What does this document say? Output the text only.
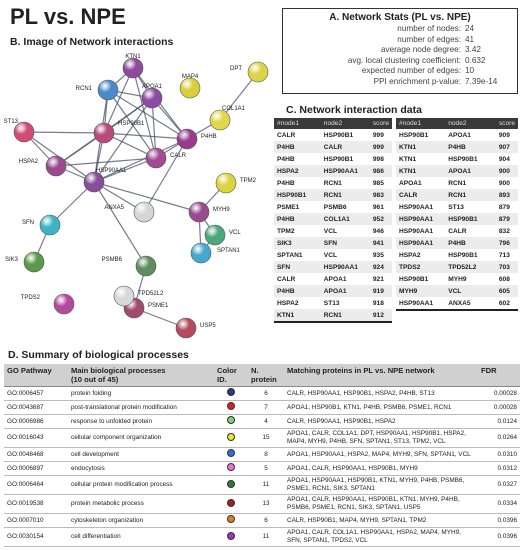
PL vs. NPE	A. Network Stats (PL vs. NPE)
number of nodes: 24
number of edges: 41
average node degree: 3.42
avg. local clustering coefficient: 0.632
expected number of edges: 10
PPI enrichment p-value: 7.39e-14
B. Image of Network interactions
KTN1
RCN1	APOA1
MAP4
DPT
COL1A1
P4HB
ST13	HSP90B1
CALR
HSPA2
HSP90AA1
TPM2
ANXA5	MYH9
VCL
SFN
SPTAN1
PSMB6
SIK3
PSME1
TPDS2
TPD52L2
USP5
C. Network interaction data
#node1	node2	score
CALR	HSP90B1	999
P4HB	CALR	999
P4HB	HSP90B1	998
HSPA2	HSP90AA1	986
P4HB	RCN1	985
HSP90B1	RCN1	983
PSME1	PSMB6	961
P4HB	COL1A1	952
TPM2	VCL	946
SIK3	SFN	941
SPTAN1	VCL	935
SFN	HSP90AA1	924
CALR	APOA1	921
P4HB	APOA1	919
HSPA2	ST13	918
KTN1	RCN1	912
#node1	node2	score
HSP90B1	APOA1	909
KTN1	P4HB	907
KTN1	HSP90B1	904
KTN1	APOA1	900
APOA1	RCN1	900
CALR	RCN1	893
HSP90AA1	ST13	879
HSP90AA1	HSP90B1	879
HSP90AA1	CALR	832
HSP90AA1	P4HB	796
HSPA2	HSP90B1	713
TPDS2	TPD52L2	703
HSP90B1	MYH9	608
MYH9	VCL	605
HSP90AA1	ANXA5	602
D. Summary of biological processes
GO Pathway	Main biological processes
(10 out of 45)	Color ID.	N. protein	Matching proteins in PL vs. NPE network	FDR
GO:0006457	protein folding		6	CALR, HSP90AA1, HSP90B1, HSPA2, P4HB, ST13	0.00028
GO:0043687	post-translational protein modification		7	APOA1, HSP90B1, KTN1, P4HB, PSMB6, PSME1, RCN1	0.00028
GO:0006986	response to unfolded protein		4	CALR, HSP90AA1, HSP90B1, HSPA2	0.0124
GO:0016043	cellular component organization		15	APOA1, CALR, COL1A1, DPT, HSP90AA1, HSP90B1, HSPA2, MAP4, MYH9, P4HB, SFN, SPTAN1, ST13, TPM2, VCL	0.0264
GO:0048468	cell development		8	APOA1, HSP90AA1, HSPA2, MAP4, MYH9, SFN, SPTAN1, VCL	0.0310
GO:0006897	endocytosis		5	APOA1, CALR, HSP90AA1, HSP90B1, MYH9	0.0312
GO:0006464	cellular protein modification process		11	APOA1, HSP90AA1, HSP90B1, KTN1, MYH9, P4HB, PSMB6, PSME1, RCN1, SIK3, SPTAN1	0.0327
GO:0019538	protein metabolic process		13	APOA1, CALR, HSP90AA1, HSP90B1, KTN1, MYH9, P4HB, PSMB6, PSME1, RCN1, SIK3, SPTAN1, USP5	0.0334
GO:0007010	cytoskeleton organization		6	CALR, HSP90B1, MAP4, MYH9, SPTAN1, TPM2	0.0396
GO:0030154	cell differentiation		11	APOA1, CALR, COL1A1, HSP90AA1, HSPA2, MAP4, MYH9, SFN, SPTAN1, TPDS2, VCL	0.0396
